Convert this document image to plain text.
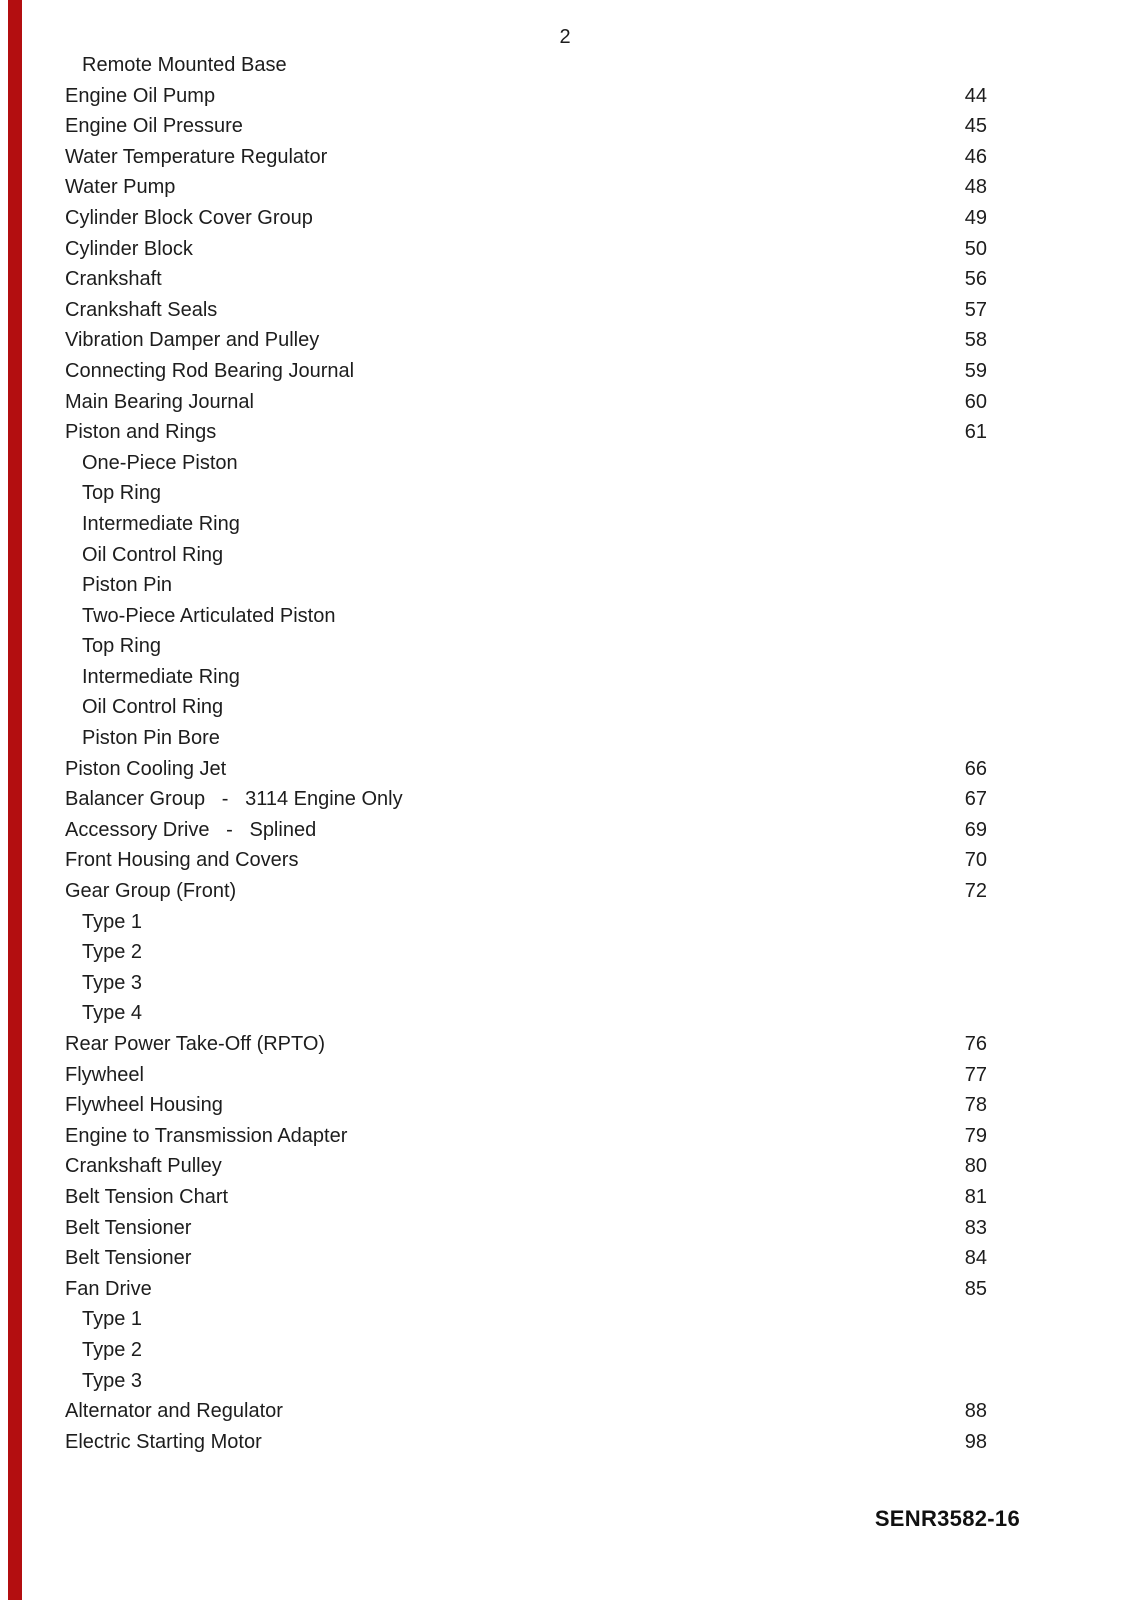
2
Remote Mounted Base
Engine Oil Pump	44
Engine Oil Pressure	45
Water Temperature Regulator	46
Water Pump	48
Cylinder Block Cover Group	49
Cylinder Block	50
Crankshaft	56
Crankshaft Seals	57
Vibration Damper and Pulley	58
Connecting Rod Bearing Journal	59
Main Bearing Journal	60
Piston and Rings	61
One-Piece Piston
Top Ring
Intermediate Ring
Oil Control Ring
Piston Pin
Two-Piece Articulated Piston
Top Ring
Intermediate Ring
Oil Control Ring
Piston Pin Bore
Piston Cooling Jet	66
Balancer Group   -   3114 Engine Only	67
Accessory Drive   -   Splined	69
Front Housing and Covers	70
Gear Group (Front)	72
Type 1
Type 2
Type 3
Type 4
Rear Power Take-Off (RPTO)	76
Flywheel	77
Flywheel Housing	78
Engine to Transmission Adapter	79
Crankshaft Pulley	80
Belt Tension Chart	81
Belt Tensioner	83
Belt Tensioner	84
Fan Drive	85
Type 1
Type 2
Type 3
Alternator and Regulator	88
Electric Starting Motor	98
SENR3582-16
